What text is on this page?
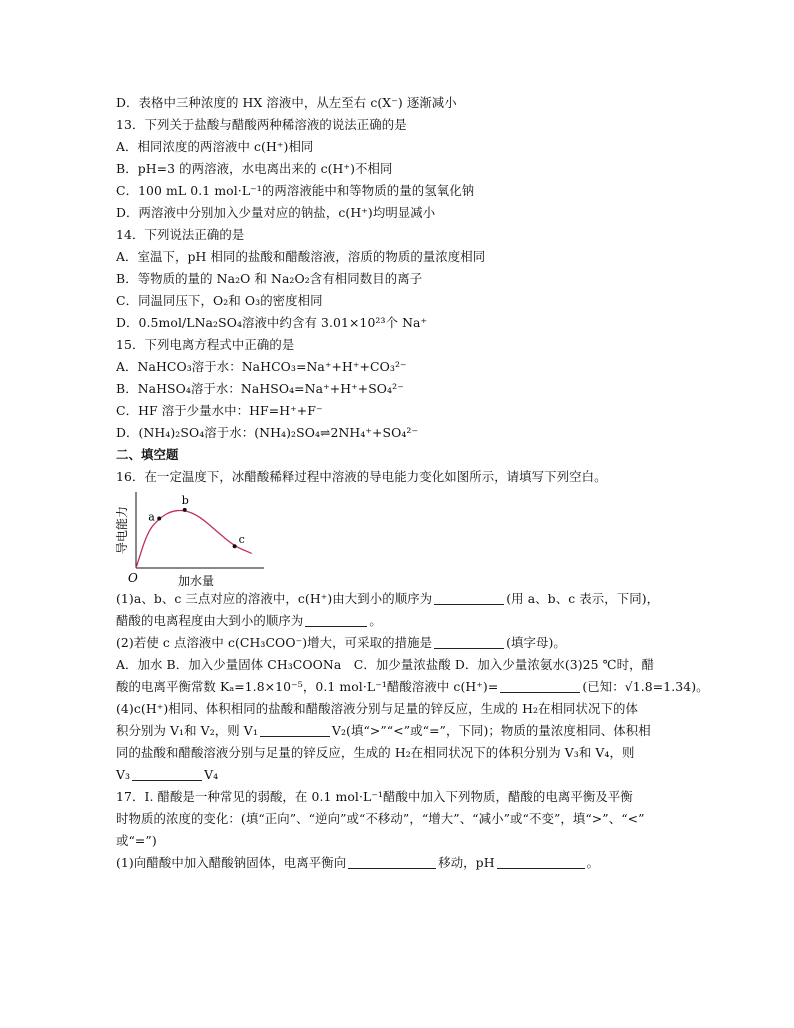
D．表格中三种浓度的 HX 溶液中，从左至右 c(X⁻) 逐渐减小
13．下列关于盐酸与醋酸两种稀溶液的说法正确的是
A．相同浓度的两溶液中 c(H⁺)相同
B．pH=3 的两溶液，水电离出来的 c(H⁺)不相同
C．100 mL 0.1 mol·L⁻¹的两溶液能中和等物质的量的氢氧化钠
D．两溶液中分别加入少量对应的钠盐，c(H⁺)均明显减小
14．下列说法正确的是
A．室温下，pH 相同的盐酸和醋酸溶液，溶质的物质的量浓度相同
B．等物质的量的 Na₂O 和 Na₂O₂含有相同数目的离子
C．同温同压下，O₂和 O₃的密度相同
D．0.5mol/LNa₂SO₄溶液中约含有 3.01×10²³个 Na⁺
15．下列电离方程式中正确的是
A．NaHCO₃溶于水：NaHCO₃=Na⁺+H⁺+CO₃²⁻
B．NaHSO₄溶于水：NaHSO₄=Na⁺+H⁺+SO₄²⁻
C．HF 溶于少量水中：HF=H⁺+F⁻
D．(NH₄)₂SO₄溶于水：(NH₄)₂SO₄⇌2NH₄⁺+SO₄²⁻
二、填空题
16．在一定温度下，冰醋酸稀释过程中溶液的导电能力变化如图所示，请填写下列空白。
导电能力
加水量
O
a
b
c
(1)a、b、c 三点对应的溶液中，c(H⁺)由大到小的顺序为	(用 a、b、c 表示，下同)，
醋酸的电离程度由大到小的顺序为	。
(2)若使 c 点溶液中 c(CH₃COO⁻)增大，可采取的措施是	(填字母)。
A．加水 B．加入少量固体 CH₃COONa　C．加少量浓盐酸 D．加入少量浓氨水(3)25 ℃时，醋
酸的电离平衡常数 Kₐ=1.8×10⁻⁵，0.1 mol·L⁻¹醋酸溶液中 c(H⁺)=	(已知：√1.8=1.34)。
(4)c(H⁺)相同、体积相同的盐酸和醋酸溶液分别与足量的锌反应，生成的 H₂在相同状况下的体
积分别为 V₁和 V₂，则 V₁	V₂(填“>”“<”或“=”，下同)；物质的量浓度相同、体积相
同的盐酸和醋酸溶液分别与足量的锌反应，生成的 H₂在相同状况下的体积分别为 V₃和 V₄，则
V₃	V₄
17．Ⅰ. 醋酸是一种常见的弱酸，在 0.1 mol·L⁻¹醋酸中加入下列物质，醋酸的电离平衡及平衡
时物质的浓度的变化：(填“正向”、“逆向”或“不移动”，“增大”、“减小”或“不变”，填“>”、“<”
或“=”)
(1)向醋酸中加入醋酸钠固体，电离平衡向	移动，pH	。
